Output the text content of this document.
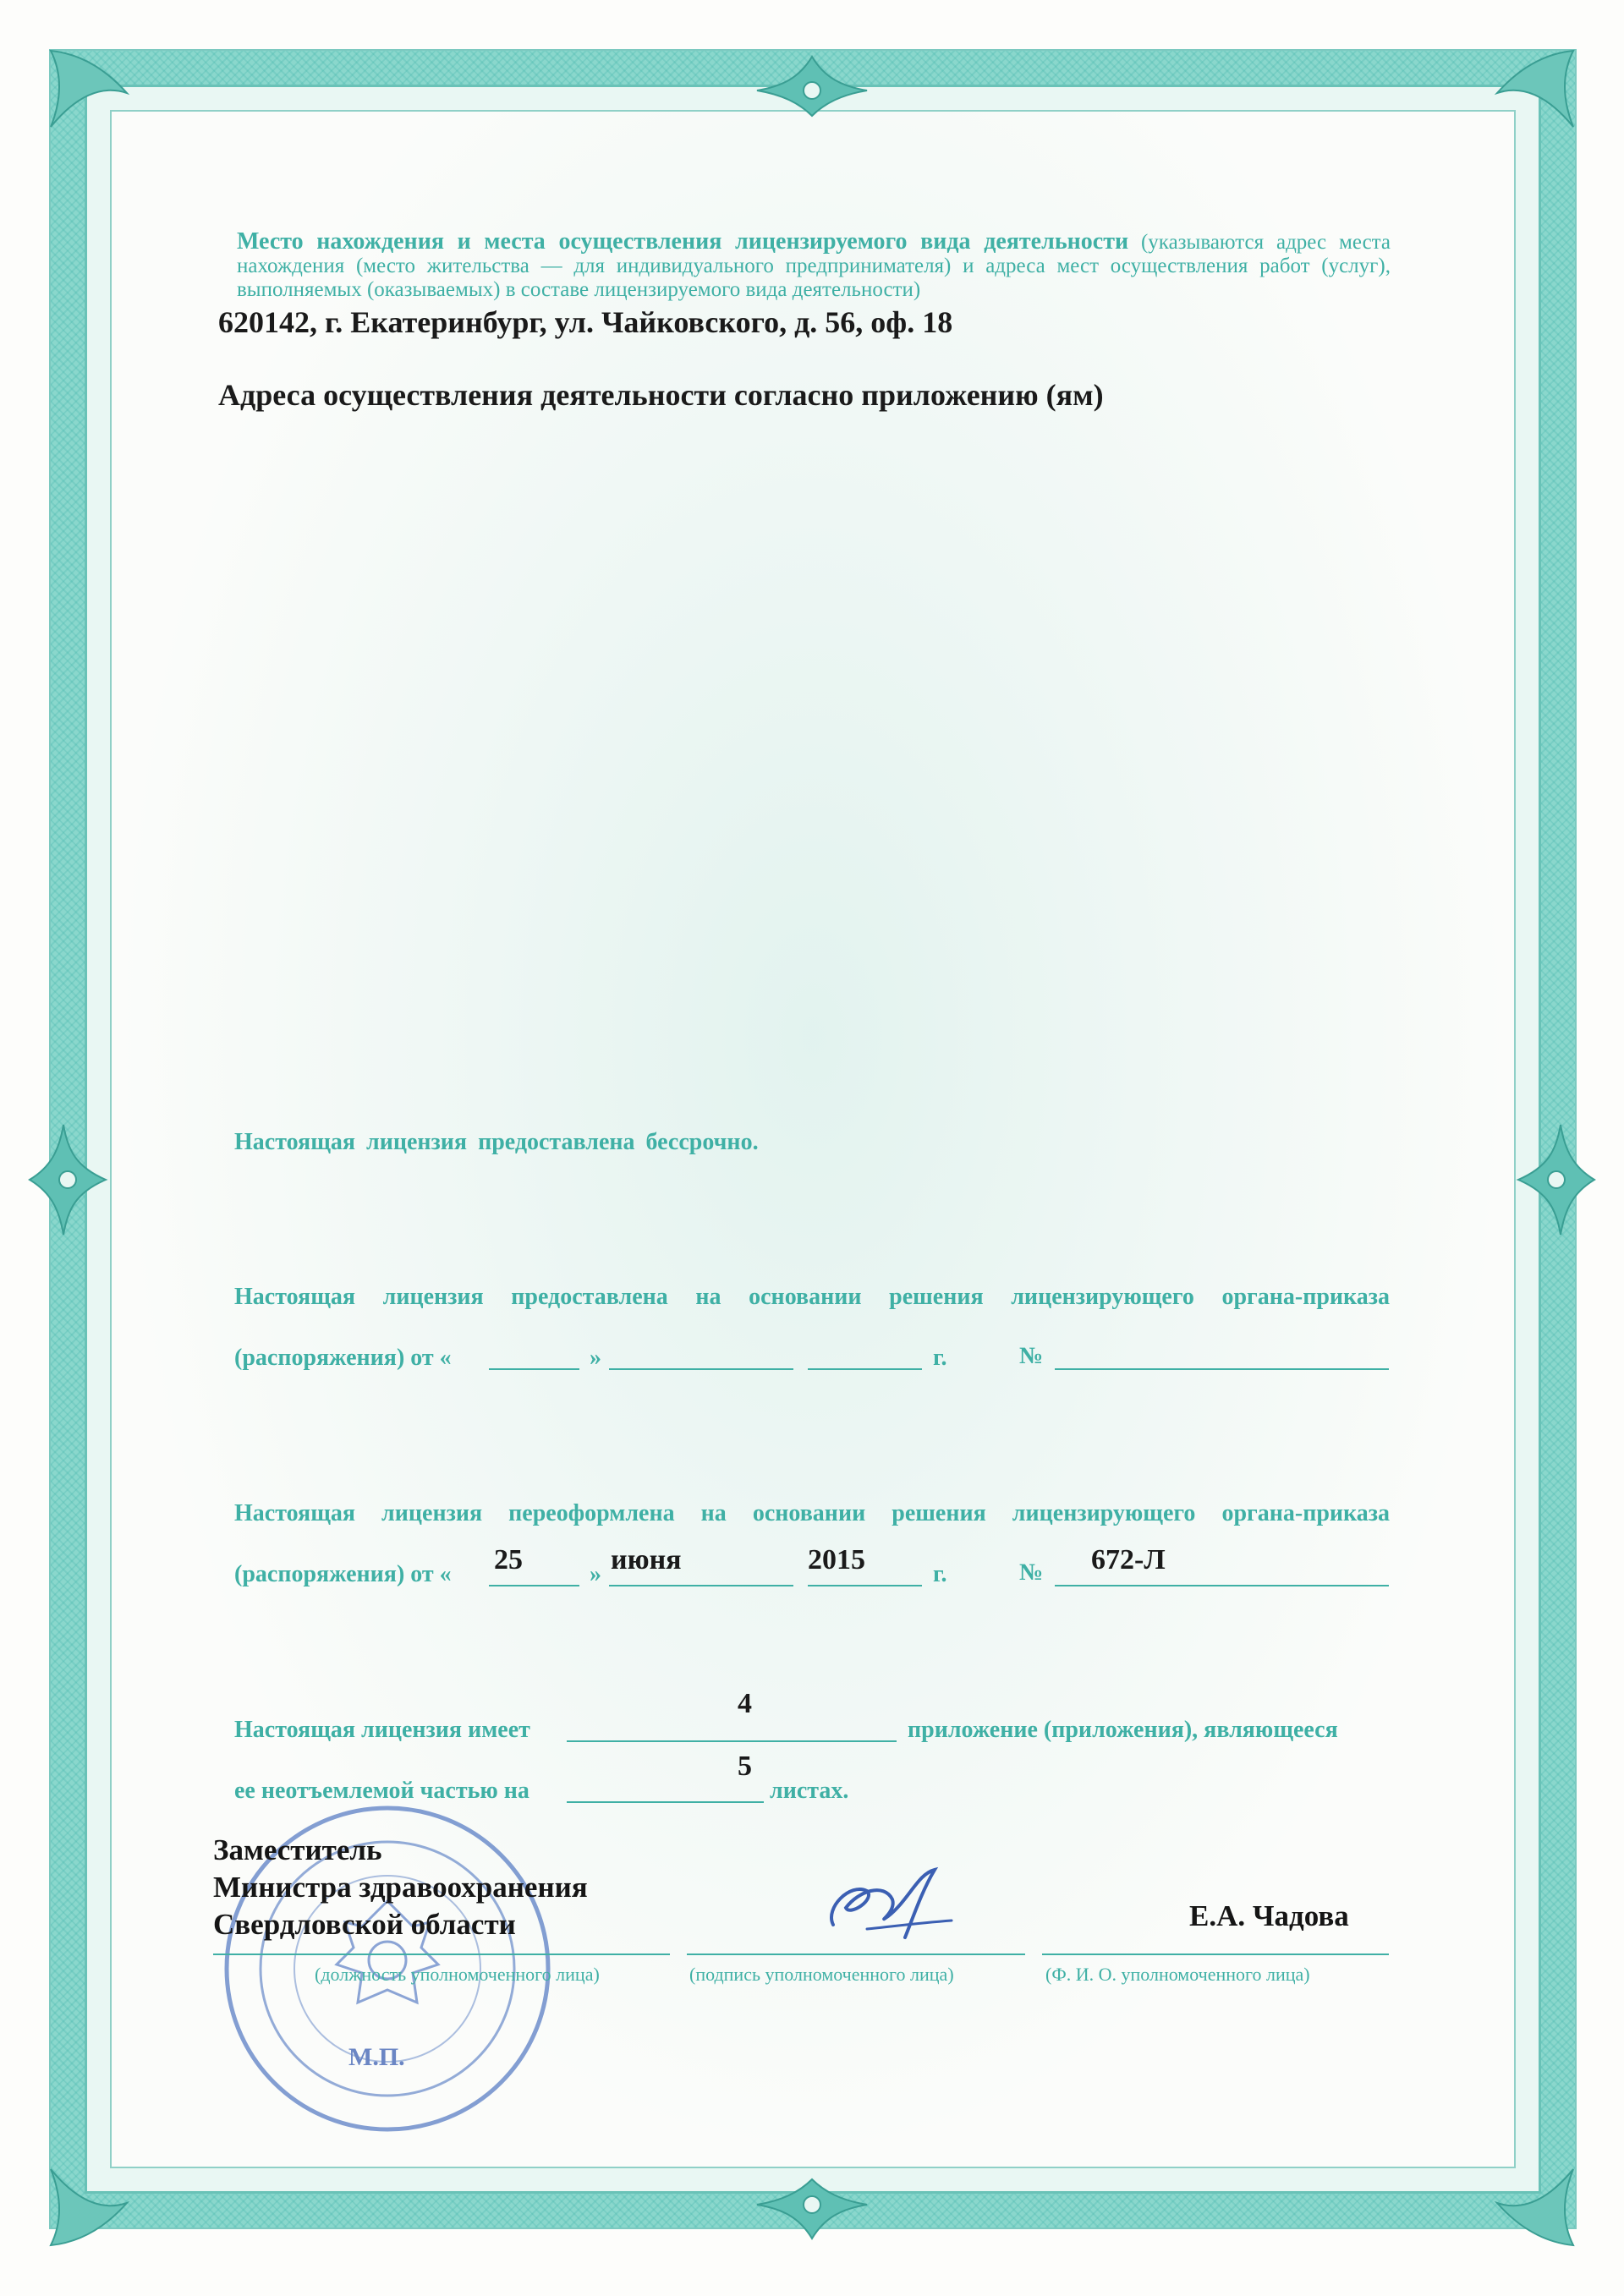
Место нахождения и места осуществления лицензируемого вида деятельности (указываются адрес места нахождения (место жительства — для индивидуального предпринимателя) и адреса мест осуществления работ (услуг), выполняемых (оказываемых) в составе лицензируемого вида деятельности)
620142, г. Екатеринбург, ул. Чайковского, д. 56, оф. 18
Адреса осуществления деятельности согласно приложению (ям)
Настоящая лицензия предоставлена бессрочно.
Настоящая лицензия предоставлена на основании решения лицензирующего органа-приказа
(распоряжения) от «	»	г.	№
Настоящая лицензия переоформлена на основании решения лицензирующего органа-приказа
(распоряжения) от « 25	» июня	2015	г.	№ 672-Л
4
Настоящая лицензия имеет	приложение (приложения), являющееся
5
ее неотъемлемой частью на	листах.
М.П.
Заместитель
Министра здравоохранения
Свердловской области	Е.А. Чадова
(должность уполномоченного лица)	(подпись уполномоченного лица)	(Ф. И. О. уполномоченного лица)
